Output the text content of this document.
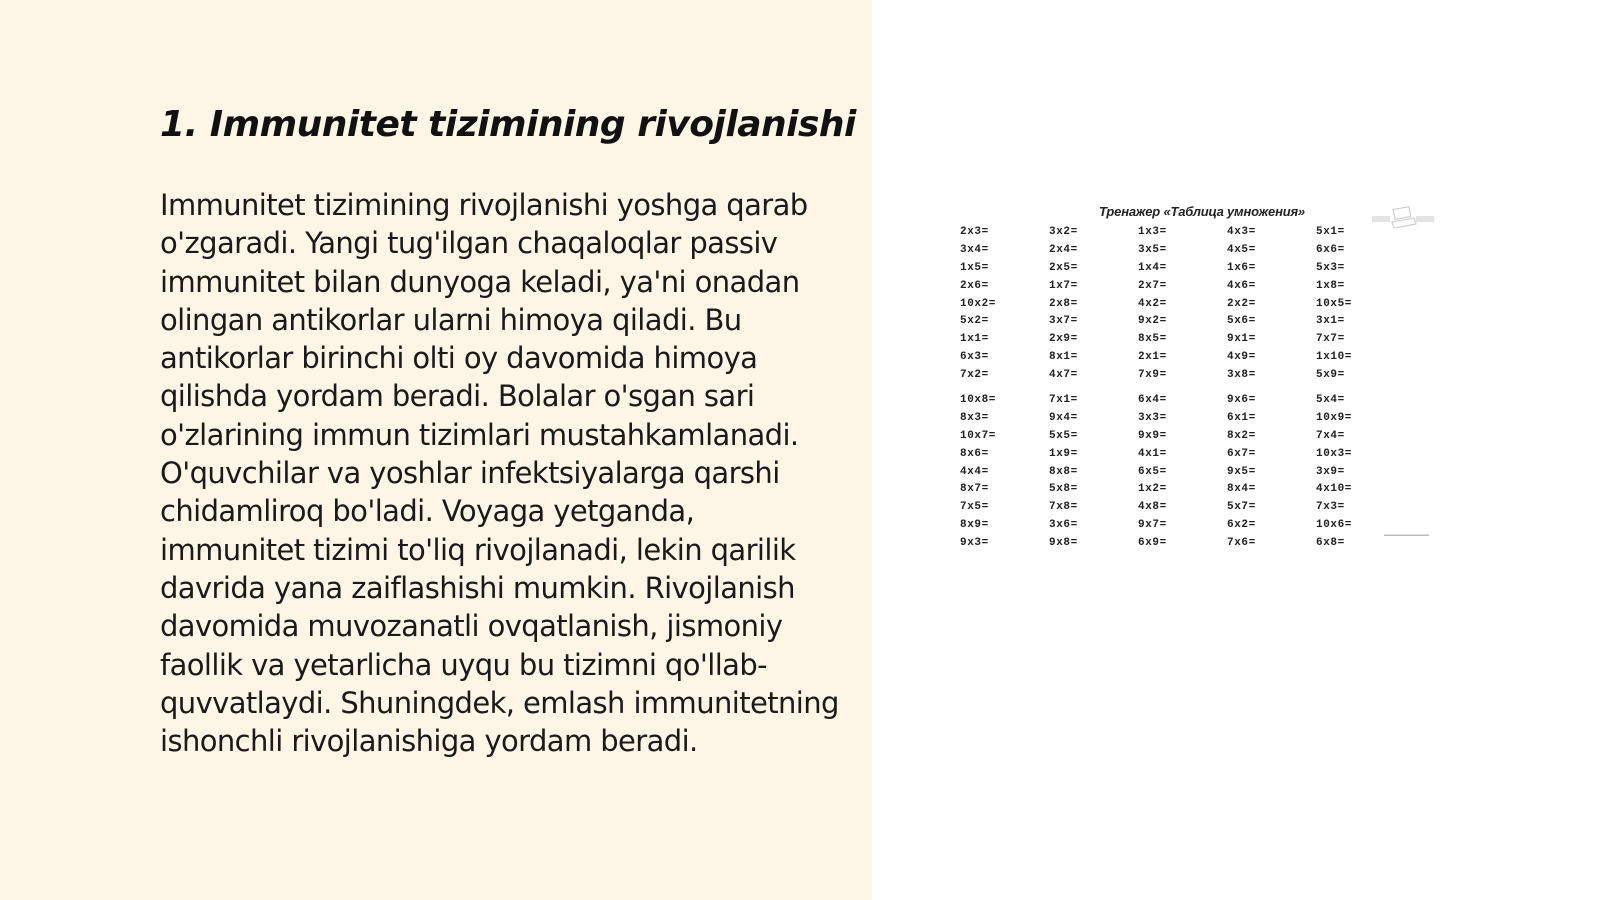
1. Immunitet tizimining rivojlanishi

Immunitet tizimining rivojlanishi yoshga qarab o'zgaradi. Yangi tug'ilgan chaqaloqlar passiv immunitet bilan dunyoga keladi, ya'ni onadan olingan antikorlar ularni himoya qiladi. Bu antikorlar birinchi olti oy davomida himoya qilishda yordam beradi. Bolalar o'sgan sari o'zlarining immun tizimlari mustahkamlanadi. O'quvchilar va yoshlar infektsiyalarga qarshi chidamliroq bo'ladi. Voyaga yetganda, immunitet tizimi to'liq rivojlanadi, lekin qarilik davrida yana zaiflashishi mumkin. Rivojlanish davomida muvozanatli ovqatlanish, jismoniy faollik va yetarlicha uyqu bu tizimni qo'llab-quvvatlaydi. Shuningdek, emlash immunitetning ishonchli rivojlanishiga yordam beradi.

Тренажер «Таблица умножения»
2x3=	3x2=	1x3=	4x3=	5x1=
3x4=	2x4=	3x5=	4x5=	6x6=
1x5=	2x5=	1x4=	1x6=	5x3=
2x6=	1x7=	2x7=	4x6=	1x8=
10x2=	2x8=	4x2=	2x2=	10x5=
5x2=	3x7=	9x2=	5x6=	3x1=
1x1=	2x9=	8x5=	9x1=	7x7=
6x3=	8x1=	2x1=	4x9=	1x10=
7x2=	4x7=	7x9=	3x8=	5x9=
10x8=	7x1=	6x4=	9x6=	5x4=
8x3=	9x4=	3x3=	6x1=	10x9=
10x7=	5x5=	9x9=	8x2=	7x4=
8x6=	1x9=	4x1=	6x7=	10x3=
4x4=	8x8=	6x5=	9x5=	3x9=
8x7=	5x8=	1x2=	8x4=	4x10=
7x5=	7x8=	4x8=	5x7=	7x3=
8x9=	3x6=	9x7=	6x2=	10x6=
9x3=	9x8=	6x9=	7x6=	6x8=
▬▬▬▬▬▬▬▬▬
